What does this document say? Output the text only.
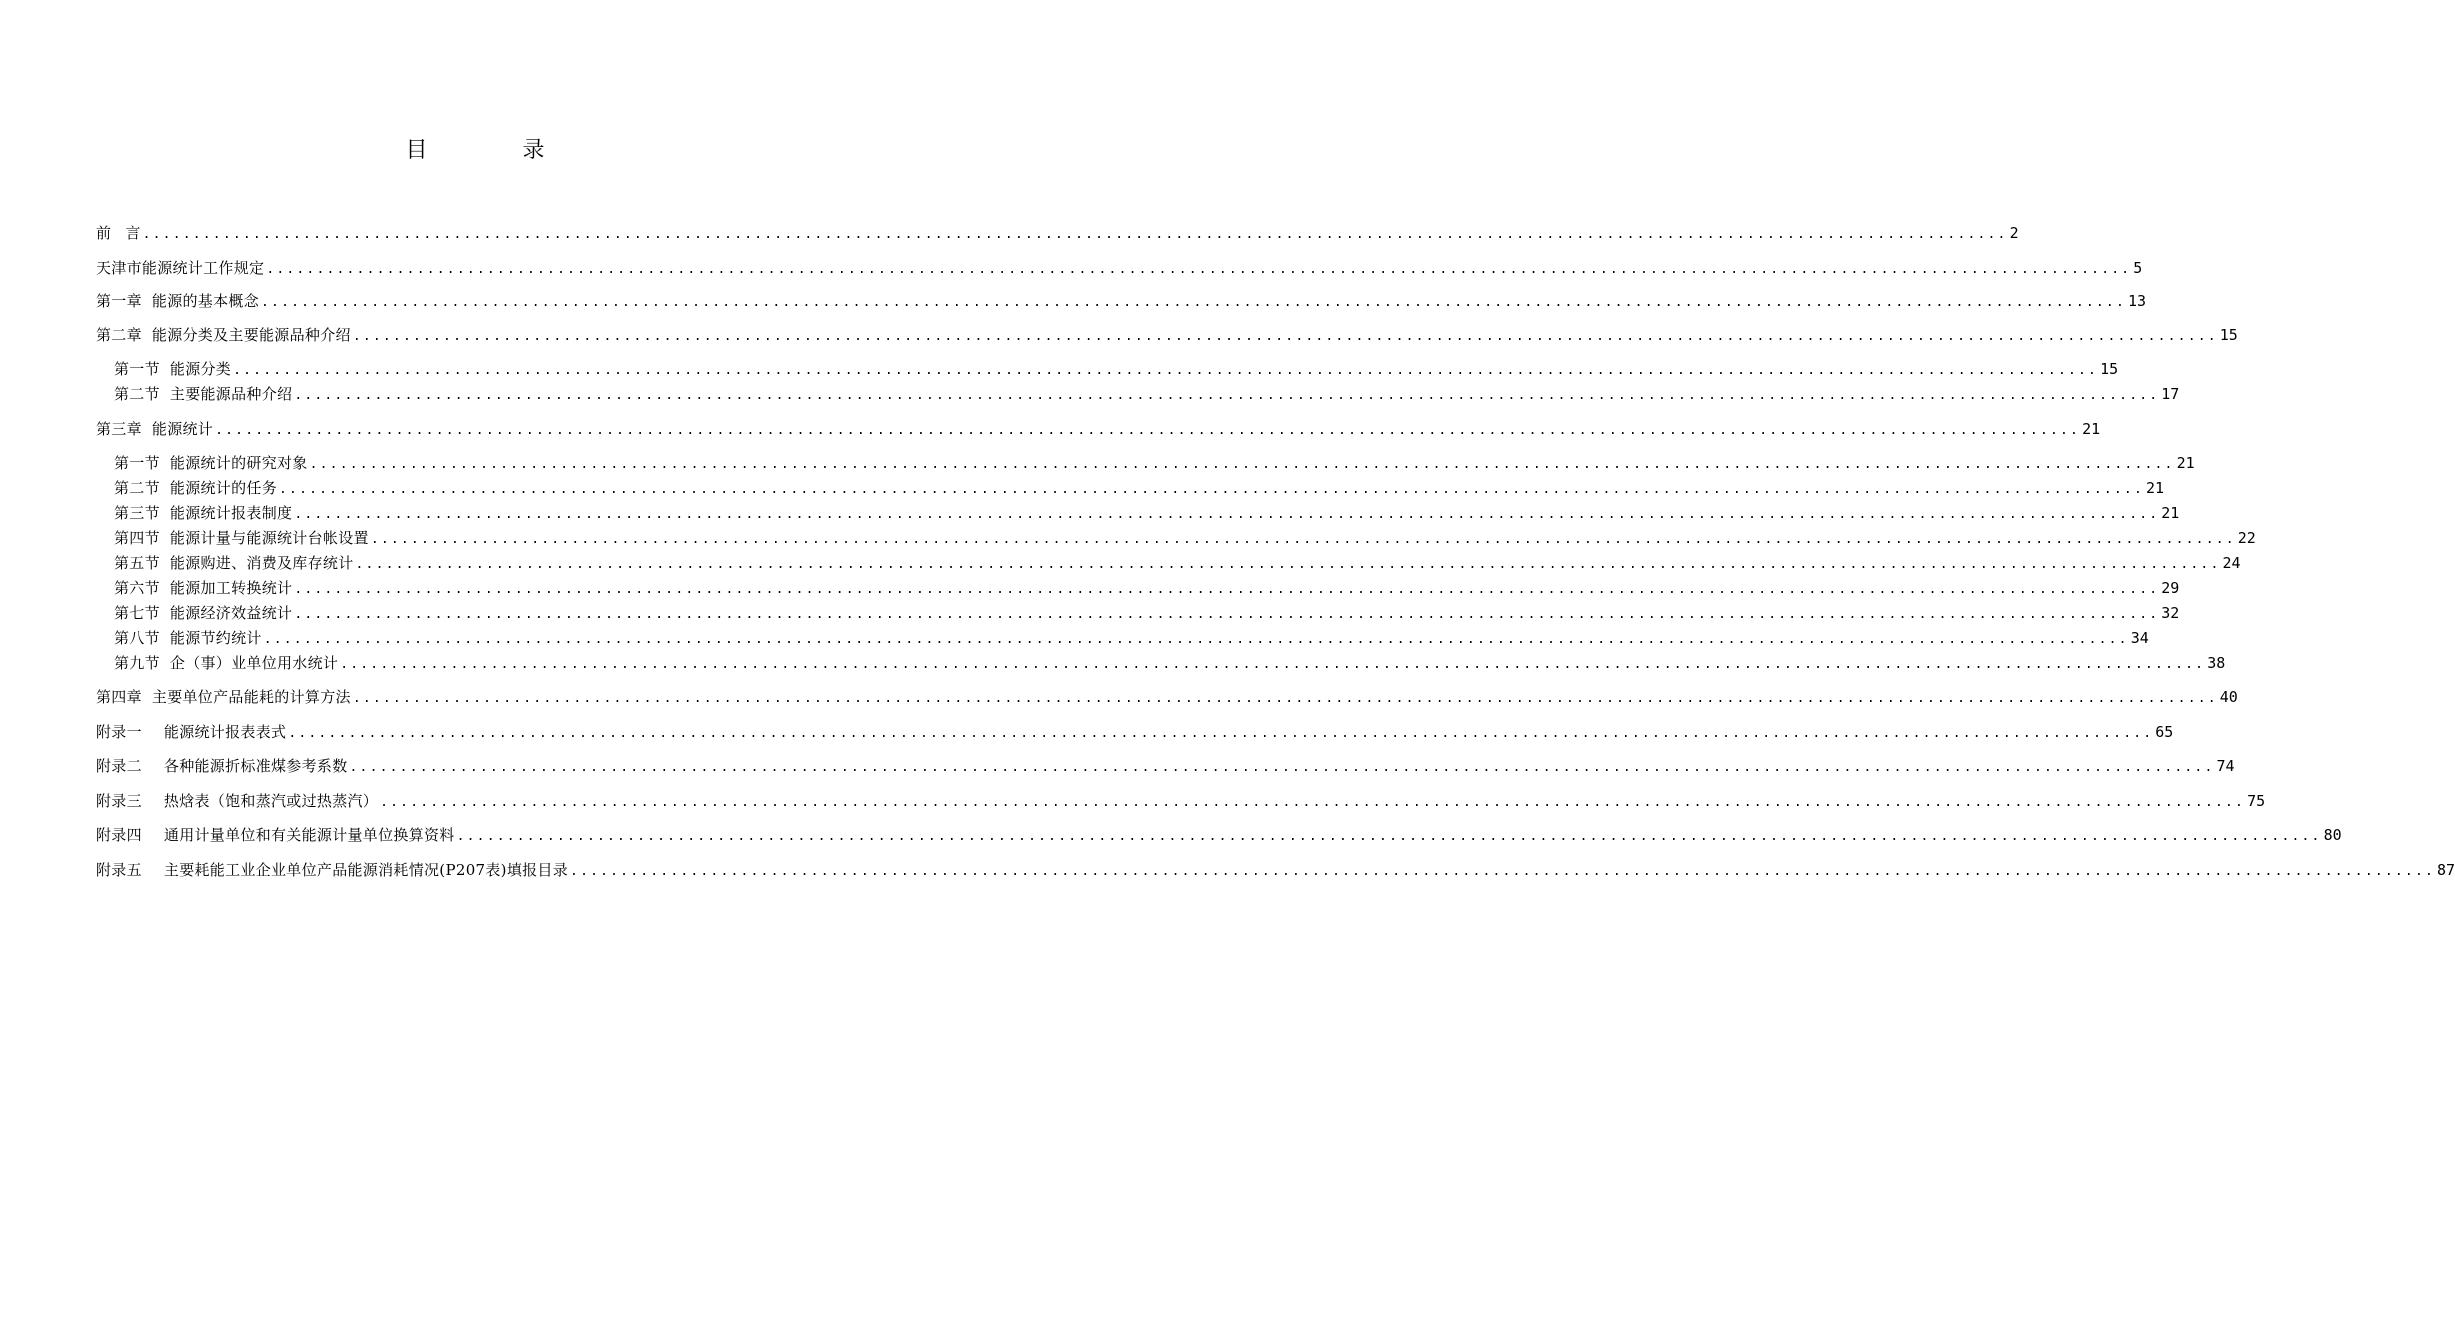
目 录
前 言 .......................................................................................................................................................................................... 2
天津市能源统计工作规定 .......................................................................................................................................................................................... 5
第一章 能源的基本概念 .......................................................................................................................................................................................... 13
第二章 能源分类及主要能源品种介绍 .......................................................................................................................................................................................... 15
第一节 能源分类 .......................................................................................................................................................................................... 15
第二节 主要能源品种介绍 .......................................................................................................................................................................................... 17
第三章 能源统计 .......................................................................................................................................................................................... 21
第一节 能源统计的研究对象 .......................................................................................................................................................................................... 21
第二节 能源统计的任务 .......................................................................................................................................................................................... 21
第三节 能源统计报表制度 .......................................................................................................................................................................................... 21
第四节 能源计量与能源统计台帐设置 .......................................................................................................................................................................................... 22
第五节 能源购进、消费及库存统计 .......................................................................................................................................................................................... 24
第六节 能源加工转换统计 .......................................................................................................................................................................................... 29
第七节 能源经济效益统计 .......................................................................................................................................................................................... 32
第八节 能源节约统计 .......................................................................................................................................................................................... 34
第九节 企（事）业单位用水统计 .......................................................................................................................................................................................... 38
第四章 主要单位产品能耗的计算方法 .......................................................................................................................................................................................... 40
附录一 能源统计报表表式 .......................................................................................................................................................................................... 65
附录二 各种能源折标准煤参考系数 .......................................................................................................................................................................................... 74
附录三 热焓表（饱和蒸汽或过热蒸汽） .......................................................................................................................................................................................... 75
附录四 通用计量单位和有关能源计量单位换算资料 .......................................................................................................................................................................................... 80
附录五 主要耗能工业企业单位产品能源消耗情况(P207表)填报目录 .......................................................................................................................................................................................... 87
